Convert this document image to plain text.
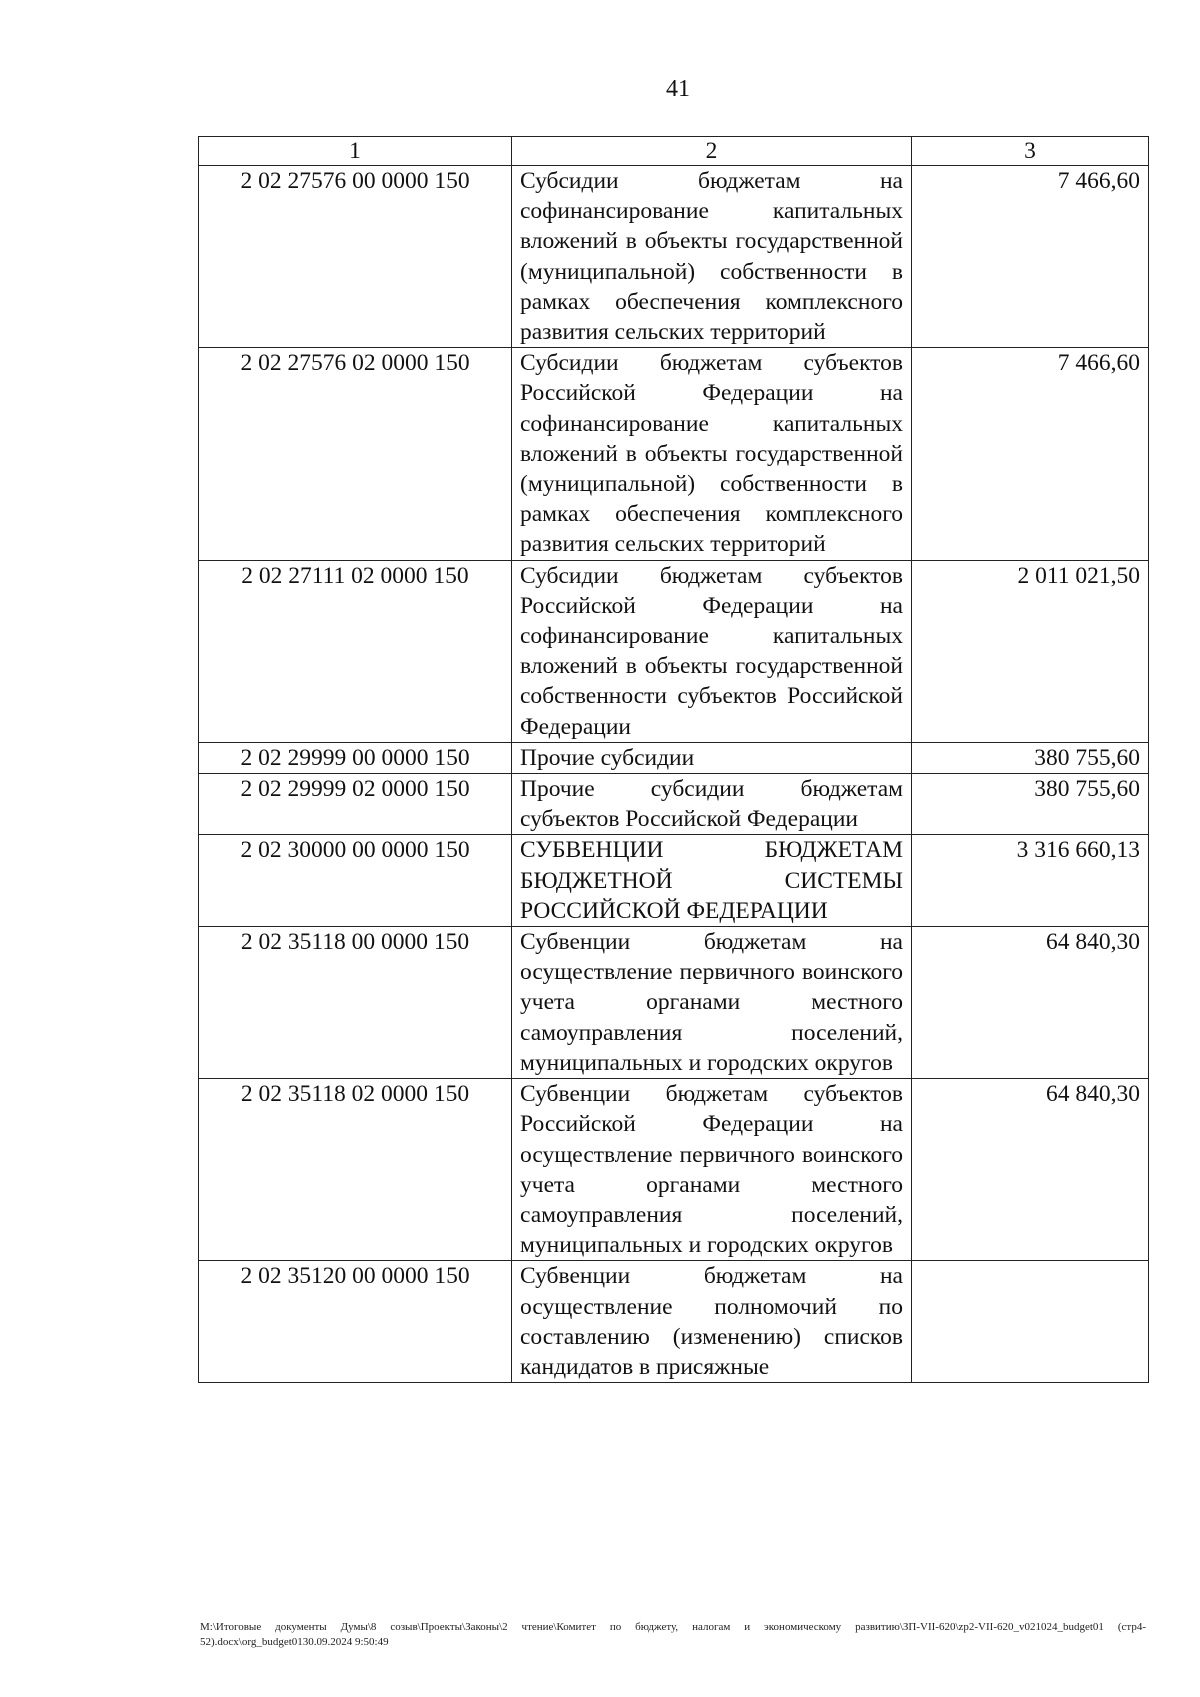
41
1	2	3
2 02 27576 00 0000 150	Субсидии бюджетам на софинансирование капитальных вложений в объекты государственной (муниципальной) собственности в рамках обеспечения комплексного развития сельских территорий	7 466,60
2 02 27576 02 0000 150	Субсидии бюджетам субъектов Российской Федерации на софинансирование капитальных вложений в объекты государственной (муниципальной) собственности в рамках обеспечения комплексного развития сельских территорий	7 466,60
2 02 27111 02 0000 150	Субсидии бюджетам субъектов Российской Федерации на софинансирование капитальных вложений в объекты государственной собственности субъектов Российской Федерации	2 011 021,50
2 02 29999 00 0000 150	Прочие субсидии	380 755,60
2 02 29999 02 0000 150	Прочие субсидии бюджетам субъектов Российской Федерации	380 755,60
2 02 30000 00 0000 150	СУБВЕНЦИИ БЮДЖЕТАМ БЮДЖЕТНОЙ СИСТЕМЫ РОССИЙСКОЙ ФЕДЕРАЦИИ	3 316 660,13
2 02 35118 00 0000 150	Субвенции бюджетам на осуществление первичного воинского учета органами местного самоуправления поселений, муниципальных и городских округов	64 840,30
2 02 35118 02 0000 150	Субвенции бюджетам субъектов Российской Федерации на осуществление первичного воинского учета органами местного самоуправления поселений, муниципальных и городских округов	64 840,30
2 02 35120 00 0000 150	Субвенции бюджетам на осуществление полномочий по составлению (изменению) списков кандидатов в присяжные	
M:\Итоговые документы Думы\8 созыв\Проекты\Законы\2 чтение\Комитет по бюджету, налогам и экономическому развитию\ЗП-VII-620\zp2-VII-620_v021024_budget01 (стр4-52).docx\org_budget0130.09.2024 9:50:49
